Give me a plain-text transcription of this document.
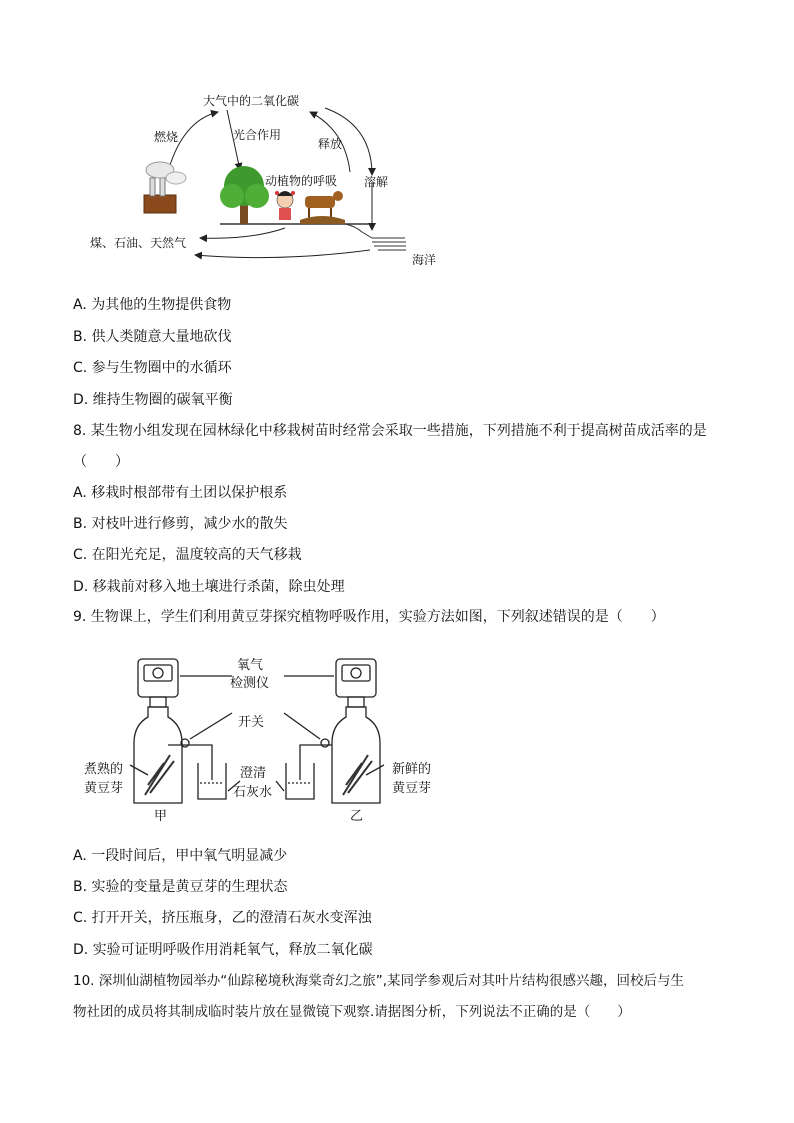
大气中的二氧化碳
燃烧	光合作用
释放
溶解
动植物的呼吸
煤、石油、天然气
海洋
A. 为其他的生物提供食物
B. 供人类随意大量地砍伐
C. 参与生物圈中的水循环
D. 维持生物圈的碳氧平衡
8. 某生物小组发现在园林绿化中移栽树苗时经常会采取一些措施，下列措施不利于提高树苗成活率的是
（　　）
A. 移栽时根部带有土团以保护根系
B. 对枝叶进行修剪，减少水的散失
C. 在阳光充足，温度较高的天气移栽
D. 移栽前对移入地土壤进行杀菌，除虫处理
9. 生物课上，学生们利用黄豆芽探究植物呼吸作用，实验方法如图，下列叙述错误的是（　　）
氧气
检测仪
开关
煮熟的
黄豆芽
澄清
石灰水
新鲜的
黄豆芽
甲	乙
A. 一段时间后，甲中氧气明显减少
B. 实验的变量是黄豆芽的生理状态
C. 打开开关，挤压瓶身，乙的澄清石灰水变浑浊
D. 实验可证明呼吸作用消耗氧气，释放二氧化碳
10. 深圳仙湖植物园举办“仙踪秘境秋海棠奇幻之旅”,某同学参观后对其叶片结构很感兴趣，回校后与生
物社团的成员将其制成临时装片放在显微镜下观察.请据图分析，下列说法不正确的是（　　）
